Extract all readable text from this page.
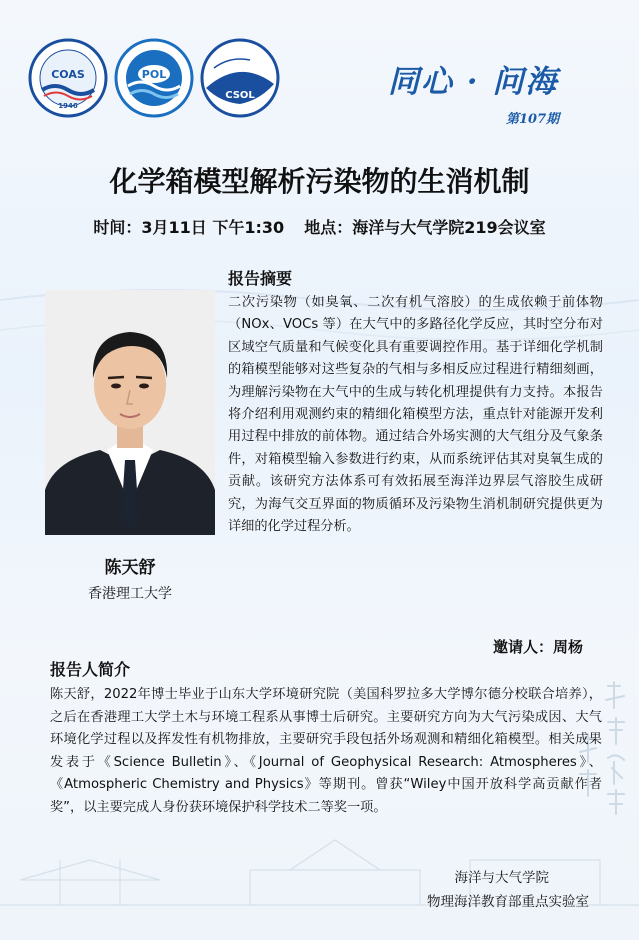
COAS
1946
POL
CSOL	同心 · 问海
第107期
化学箱模型解析污染物的生消机制
时间：3月11日 下午1:30 地点：海洋与大气学院219会议室
陈天舒
香港理工大学
报告摘要
二次污染物（如臭氧、二次有机气溶胶）的生成依赖于前体物（NOx、VOCs 等）在大气中的多路径化学反应，其时空分布对区域空气质量和气候变化具有重要调控作用。基于详细化学机制的箱模型能够对这些复杂的气相与多相反应过程进行精细刻画，为理解污染物在大气中的生成与转化机理提供有力支持。本报告将介绍利用观测约束的精细化箱模型方法，重点针对能源开发利用过程中排放的前体物。通过结合外场实测的大气组分及气象条件，对箱模型输入参数进行约束，从而系统评估其对臭氧生成的贡献。该研究方法体系可有效拓展至海洋边界层气溶胶生成研究，为海气交互界面的物质循环及污染物生消机制研究提供更为详细的化学过程分析。
邀请人：周杨
报告人简介
陈天舒，2022年博士毕业于山东大学环境研究院（美国科罗拉多大学博尔德分校联合培养），之后在香港理工大学土木与环境工程系从事博士后研究。主要研究方向为大气污染成因、大气环境化学过程以及挥发性有机物排放，主要研究手段包括外场观测和精细化箱模型。相关成果发表于《Science Bulletin》、《Journal of Geophysical Research: Atmospheres》、《Atmospheric Chemistry and Physics》等期刊。曾获“Wiley中国开放科学高贡献作者奖”，以主要完成人身份获环境保护科学技术二等奖一项。
海洋与大气学院
物理海洋教育部重点实验室
